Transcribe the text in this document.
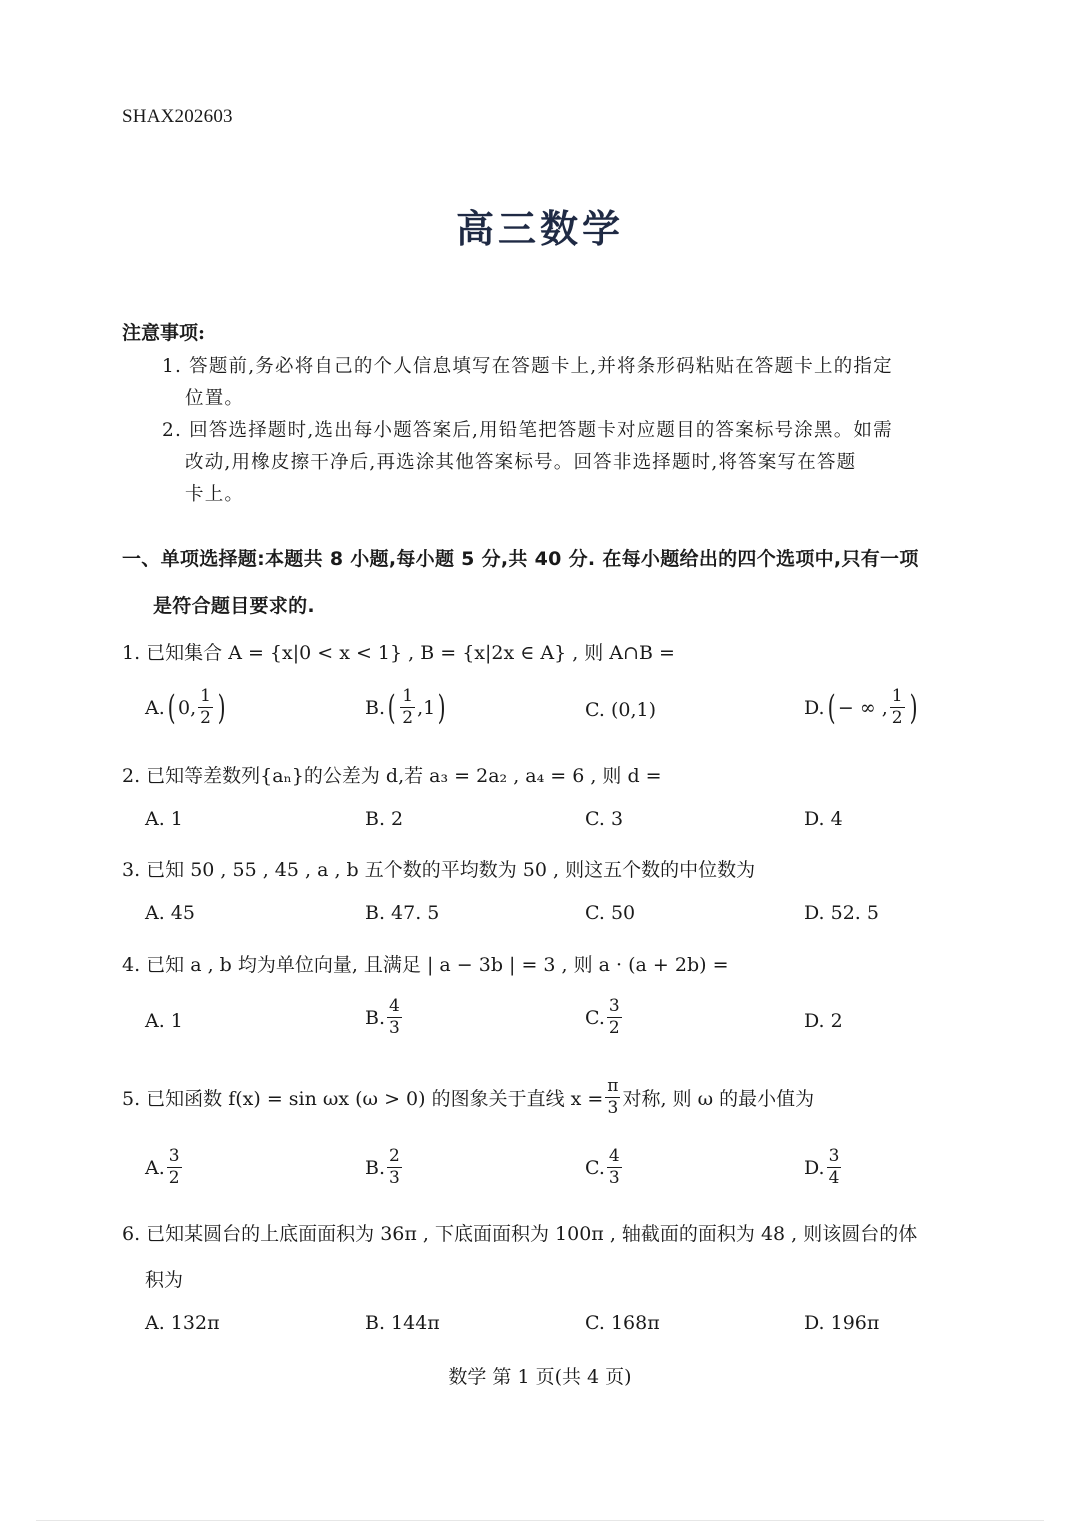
SHAX202603
高三数学
注意事项:
1. 答题前,务必将自己的个人信息填写在答题卡上,并将条形码粘贴在答题卡上的指定
位置。
2. 回答选择题时,选出每小题答案后,用铅笔把答题卡对应题目的答案标号涂黑。如需
改动,用橡皮擦干净后,再选涂其他答案标号。回答非选择题时,将答案写在答题
卡上。
一、单项选择题:本题共 8 小题,每小题 5 分,共 40 分. 在每小题给出的四个选项中,只有一项
是符合题目要求的.
1. 已知集合 A = {x|0 < x < 1} , B = {x|2x ∈ A} , 则 A∩B =
A. ( 0, $\frac{1}{2}$ )	B. ( $\frac{1}{2} ,1$ )	C. (0,1)	D. ( − ∞ , $\frac{1}{2}$ )
2. 已知等差数列{aₙ}的公差为 d,若 a₃ = 2a₂ , a₄ = 6 , 则 d =
A. 1	B. 2	C. 3	D. 4
3. 已知 50 , 55 , 45 , a , b 五个数的平均数为 50 , 则这五个数的中位数为
A. 45	B. 47. 5	C. 50	D. 52. 5
4. 已知 a , b 均为单位向量, 且满足 | a − 3b | = 3 , 则 a · (a + 2b) =
A. 1	B. $\frac{4}{3}$	C. $\frac{3}{2}$	D. 2
5. 已知函数 f(x) = sin ωx (ω > 0) 的图象关于直线 $x = \frac{\pi}{3}$ 对称, 则 ω 的最小值为
A. $\frac{3}{2}$	B. $\frac{2}{3}$	C. $\frac{4}{3}$	D. $\frac{3}{4}$
6. 已知某圆台的上底面面积为 36π , 下底面面积为 100π , 轴截面的面积为 48 , 则该圆台的体
积为
A. 132π	B. 144π	C. 168π	D. 196π
数学 第 1 页(共 4 页)
